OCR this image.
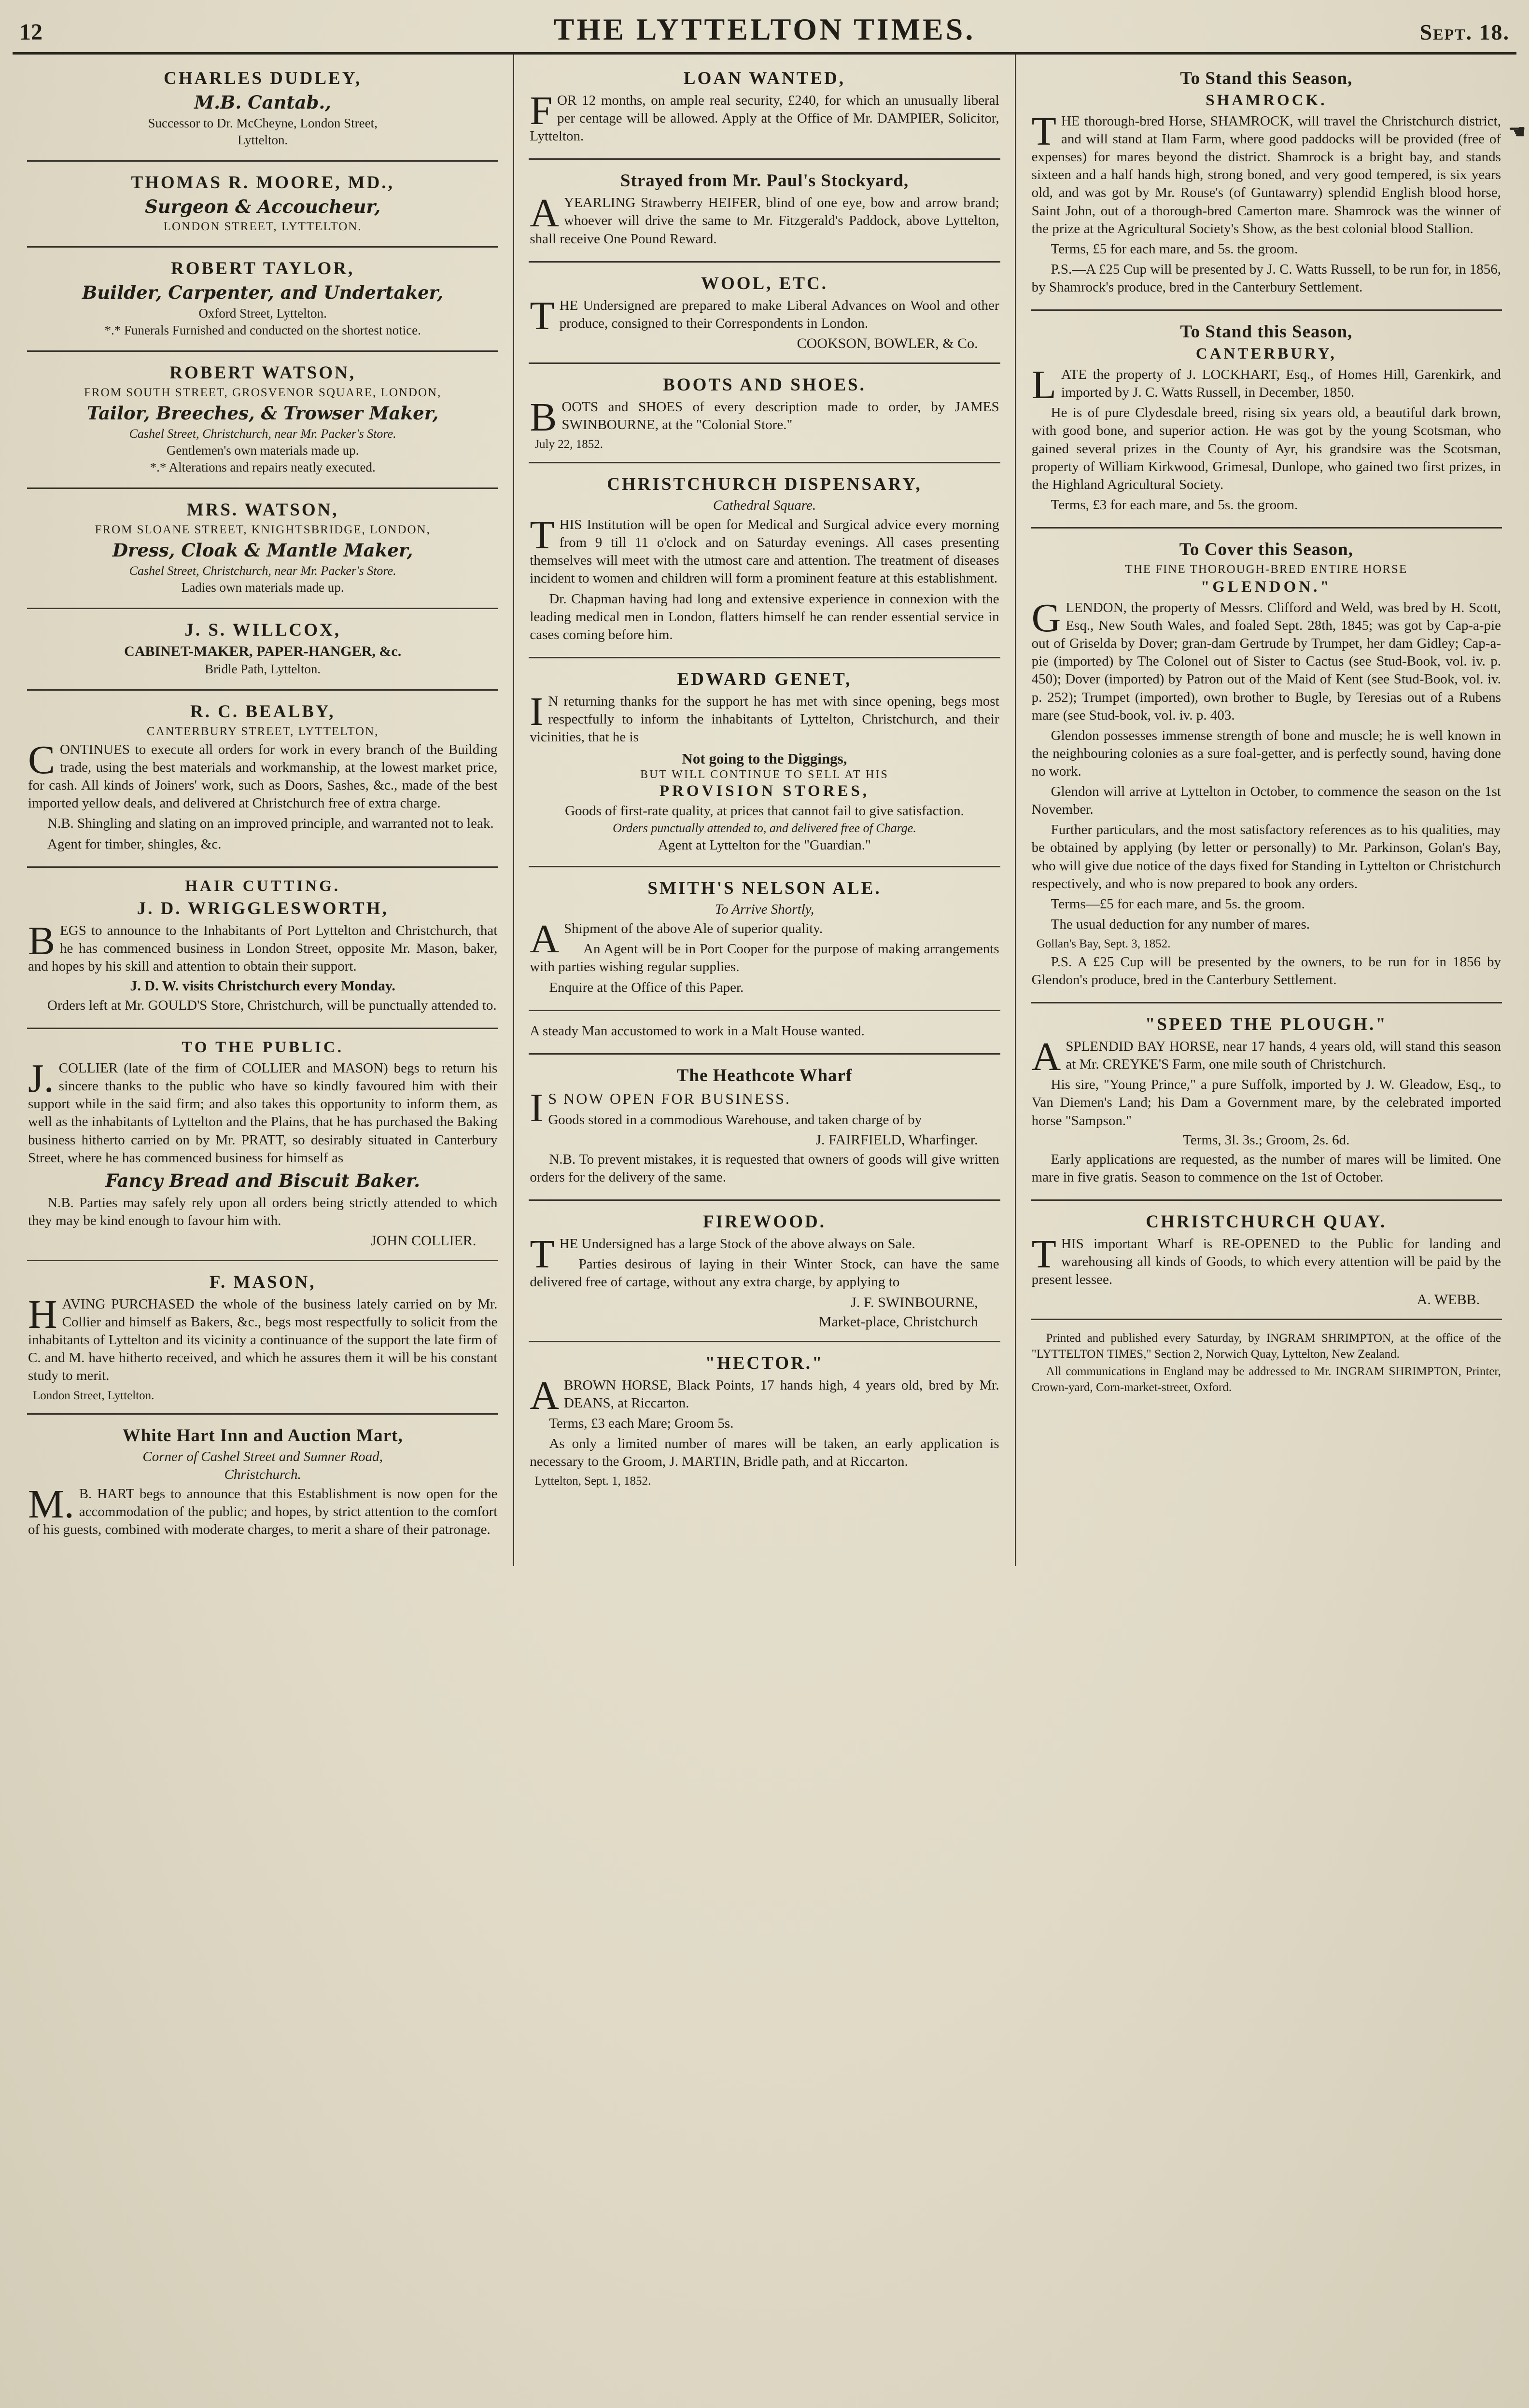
12	THE LYTTELTON TIMES.	Sept. 18.
☚
CHARLES DUDLEY,

M.B. Cantab.,

Successor to Dr. McCheyne, London Street,

Lyttelton.

THOMAS R. MOORE, MD.,

Surgeon & Accoucheur,

LONDON STREET, LYTTELTON.

ROBERT TAYLOR,

Builder, Carpenter, and Undertaker,

Oxford Street, Lyttelton.

*.* Funerals Furnished and conducted on the shortest notice.

ROBERT WATSON,

FROM SOUTH STREET, GROSVENOR SQUARE, LONDON,

Tailor, Breeches, & Trowser Maker,

Cashel Street, Christchurch, near Mr. Packer's Store.

Gentlemen's own materials made up.

*.* Alterations and repairs neatly executed.

MRS. WATSON,

FROM SLOANE STREET, KNIGHTSBRIDGE, LONDON,

Dress, Cloak & Mantle Maker,

Cashel Street, Christchurch, near Mr. Packer's Store.

Ladies own materials made up.

J. S. WILLCOX,

CABINET-MAKER, PAPER-HANGER, &c.

Bridle Path, Lyttelton.

R. C. BEALBY,

CANTERBURY STREET, LYTTELTON,

CONTINUES to execute all orders for work in every branch of the Building trade, using the best materials and workmanship, at the lowest market price, for cash. All kinds of Joiners' work, such as Doors, Sashes, &c., made of the best imported yellow deals, and delivered at Christchurch free of extra charge.

N.B. Shingling and slating on an improved principle, and warranted not to leak.

Agent for timber, shingles, &c.

HAIR CUTTING.

J. D. WRIGGLESWORTH,

BEGS to announce to the Inhabitants of Port Lyttelton and Christchurch, that he has commenced business in London Street, opposite Mr. Mason, baker, and hopes by his skill and attention to obtain their support.

J. D. W. visits Christchurch every Monday.

Orders left at Mr. GOULD'S Store, Christchurch, will be punctually attended to.

TO THE PUBLIC.

J. COLLIER (late of the firm of COLLIER and MASON) begs to return his sincere thanks to the public who have so kindly favoured him with their support while in the said firm; and also takes this opportunity to inform them, as well as the inhabitants of Lyttelton and the Plains, that he has purchased the Baking business hitherto carried on by Mr. PRATT, so desirably situated in Canterbury Street, where he has commenced business for himself as

Fancy Bread and Biscuit Baker.

N.B. Parties may safely rely upon all orders being strictly attended to which they may be kind enough to favour him with.

JOHN COLLIER.

F. MASON,

HAVING PURCHASED the whole of the business lately carried on by Mr. Collier and himself as Bakers, &c., begs most respectfully to solicit from the inhabitants of Lyttelton and its vicinity a continuance of the support the late firm of C. and M. have hitherto received, and which he assures them it will be his constant study to merit.

London Street, Lyttelton.

White Hart Inn and Auction Mart,

Corner of Cashel Street and Sumner Road,

Christchurch.

M. B. HART begs to announce that this Establishment is now open for the accommodation of the public; and hopes, by strict attention to the comfort of his guests, combined with moderate charges, to merit a share of their patronage.

LOAN WANTED,

FOR 12 months, on ample real security, £240, for which an unusually liberal per centage will be allowed. Apply at the Office of Mr. DAMPIER, Solicitor, Lyttelton.

Strayed from Mr. Paul's Stockyard,

AYEARLING Strawberry HEIFER, blind of one eye, bow and arrow brand; whoever will drive the same to Mr. Fitzgerald's Paddock, above Lyttelton, shall receive One Pound Reward.

WOOL, ETC.

THE Undersigned are prepared to make Liberal Advances on Wool and other produce, consigned to their Correspondents in London.

COOKSON, BOWLER, & Co.

BOOTS AND SHOES.

BOOTS and SHOES of every description made to order, by JAMES SWINBOURNE, at the "Colonial Store."

July 22, 1852.

CHRISTCHURCH DISPENSARY,

Cathedral Square.

THIS Institution will be open for Medical and Surgical advice every morning from 9 till 11 o'clock and on Saturday evenings. All cases presenting themselves will meet with the utmost care and attention. The treatment of diseases incident to women and children will form a prominent feature at this establishment.

Dr. Chapman having had long and extensive experience in connexion with the leading medical men in London, flatters himself he can render essential service in cases coming before him.

EDWARD GENET,

I N returning thanks for the support he has met with since opening, begs most respectfully to inform the inhabitants of Lyttelton, Christchurch, and their vicinities, that he is

Not going to the Diggings,

BUT WILL CONTINUE TO SELL AT HIS

PROVISION STORES,

Goods of first-rate quality, at prices that cannot fail to give satisfaction.

Orders punctually attended to, and delivered free of Charge.

Agent at Lyttelton for the "Guardian."

SMITH'S NELSON ALE.

To Arrive Shortly,

A Shipment of the above Ale of superior quality.

An Agent will be in Port Cooper for the purpose of making arrangements with parties wishing regular supplies.

Enquire at the Office of this Paper.

A steady Man accustomed to work in a Malt House wanted.

The Heathcote Wharf

I S NOW OPEN FOR BUSINESS.

Goods stored in a commodious Warehouse, and taken charge of by

J. FAIRFIELD, Wharfinger.

N.B. To prevent mistakes, it is requested that owners of goods will give written orders for the delivery of the same.

FIREWOOD.

THE Undersigned has a large Stock of the above always on Sale.

Parties desirous of laying in their Winter Stock, can have the same delivered free of cartage, without any extra charge, by applying to

J. F. SWINBOURNE,

Market-place, Christchurch

"HECTOR."

ABROWN HORSE, Black Points, 17 hands high, 4 years old, bred by Mr. DEANS, at Riccarton.

Terms, £3 each Mare; Groom 5s.

As only a limited number of mares will be taken, an early application is necessary to the Groom, J. MARTIN, Bridle path, and at Riccarton.

Lyttelton, Sept. 1, 1852.

To Stand this Season,

SHAMROCK.

THE thorough-bred Horse, SHAMROCK, will travel the Christchurch district, and will stand at Ilam Farm, where good paddocks will be provided (free of expenses) for mares beyond the district. Shamrock is a bright bay, and stands sixteen and a half hands high, strong boned, and very good tempered, is six years old, and was got by Mr. Rouse's (of Guntawarry) splendid English blood horse, Saint John, out of a thorough-bred Camerton mare. Shamrock was the winner of the prize at the Agricultural Society's Show, as the best colonial blood Stallion.

Terms, £5 for each mare, and 5s. the groom.

P.S.—A £25 Cup will be presented by J. C. Watts Russell, to be run for, in 1856, by Shamrock's produce, bred in the Canterbury Settlement.

To Stand this Season,

CANTERBURY,

LATE the property of J. LOCKHART, Esq., of Homes Hill, Garenkirk, and imported by J. C. Watts Russell, in December, 1850.

He is of pure Clydesdale breed, rising six years old, a beautiful dark brown, with good bone, and superior action. He was got by the young Scotsman, who gained several prizes in the County of Ayr, his grandsire was the Scotsman, property of William Kirkwood, Grimesal, Dunlope, who gained two first prizes, in the Highland Agricultural Society.

Terms, £3 for each mare, and 5s. the groom.

To Cover this Season,

THE FINE THOROUGH-BRED ENTIRE HORSE

"GLENDON."

GLENDON, the property of Messrs. Clifford and Weld, was bred by H. Scott, Esq., New South Wales, and foaled Sept. 28th, 1845; was got by Cap-a-pie out of Griselda by Dover; gran-dam Gertrude by Trumpet, her dam Gidley; Cap-a-pie (imported) by The Colonel out of Sister to Cactus (see Stud-Book, vol. iv. p. 450); Dover (imported) by Patron out of the Maid of Kent (see Stud-Book, vol. iv. p. 252); Trumpet (imported), own brother to Bugle, by Teresias out of a Rubens mare (see Stud-book, vol. iv. p. 403.

Glendon possesses immense strength of bone and muscle; he is well known in the neighbouring colonies as a sure foal-getter, and is perfectly sound, having done no work.

Glendon will arrive at Lyttelton in October, to commence the season on the 1st November.

Further particulars, and the most satisfactory references as to his qualities, may be obtained by applying (by letter or personally) to Mr. Parkinson, Golan's Bay, who will give due notice of the days fixed for Standing in Lyttelton or Christchurch respectively, and who is now prepared to book any orders.

Terms—£5 for each mare, and 5s. the groom.

The usual deduction for any number of mares.

Gollan's Bay, Sept. 3, 1852.

P.S. A £25 Cup will be presented by the owners, to be run for in 1856 by Glendon's produce, bred in the Canterbury Settlement.

"SPEED THE PLOUGH."

ASPLENDID BAY HORSE, near 17 hands, 4 years old, will stand this season at Mr. CREYKE'S Farm, one mile south of Christchurch.

His sire, "Young Prince," a pure Suffolk, imported by J. W. Gleadow, Esq., to Van Diemen's Land; his Dam a Government mare, by the celebrated imported horse "Sampson."

Terms, 3l. 3s.; Groom, 2s. 6d.

Early applications are requested, as the number of mares will be limited. One mare in five gratis. Season to commence on the 1st of October.

CHRISTCHURCH QUAY.

THIS important Wharf is RE-OPENED to the Public for landing and warehousing all kinds of Goods, to which every attention will be paid by the present lessee.

A. WEBB.

Printed and published every Saturday, by INGRAM SHRIMPTON, at the office of the "LYTTELTON TIMES," Section 2, Norwich Quay, Lyttelton, New Zealand.

All communications in England may be addressed to Mr. INGRAM SHRIMPTON, Printer, Crown-yard, Corn-market-street, Oxford.
